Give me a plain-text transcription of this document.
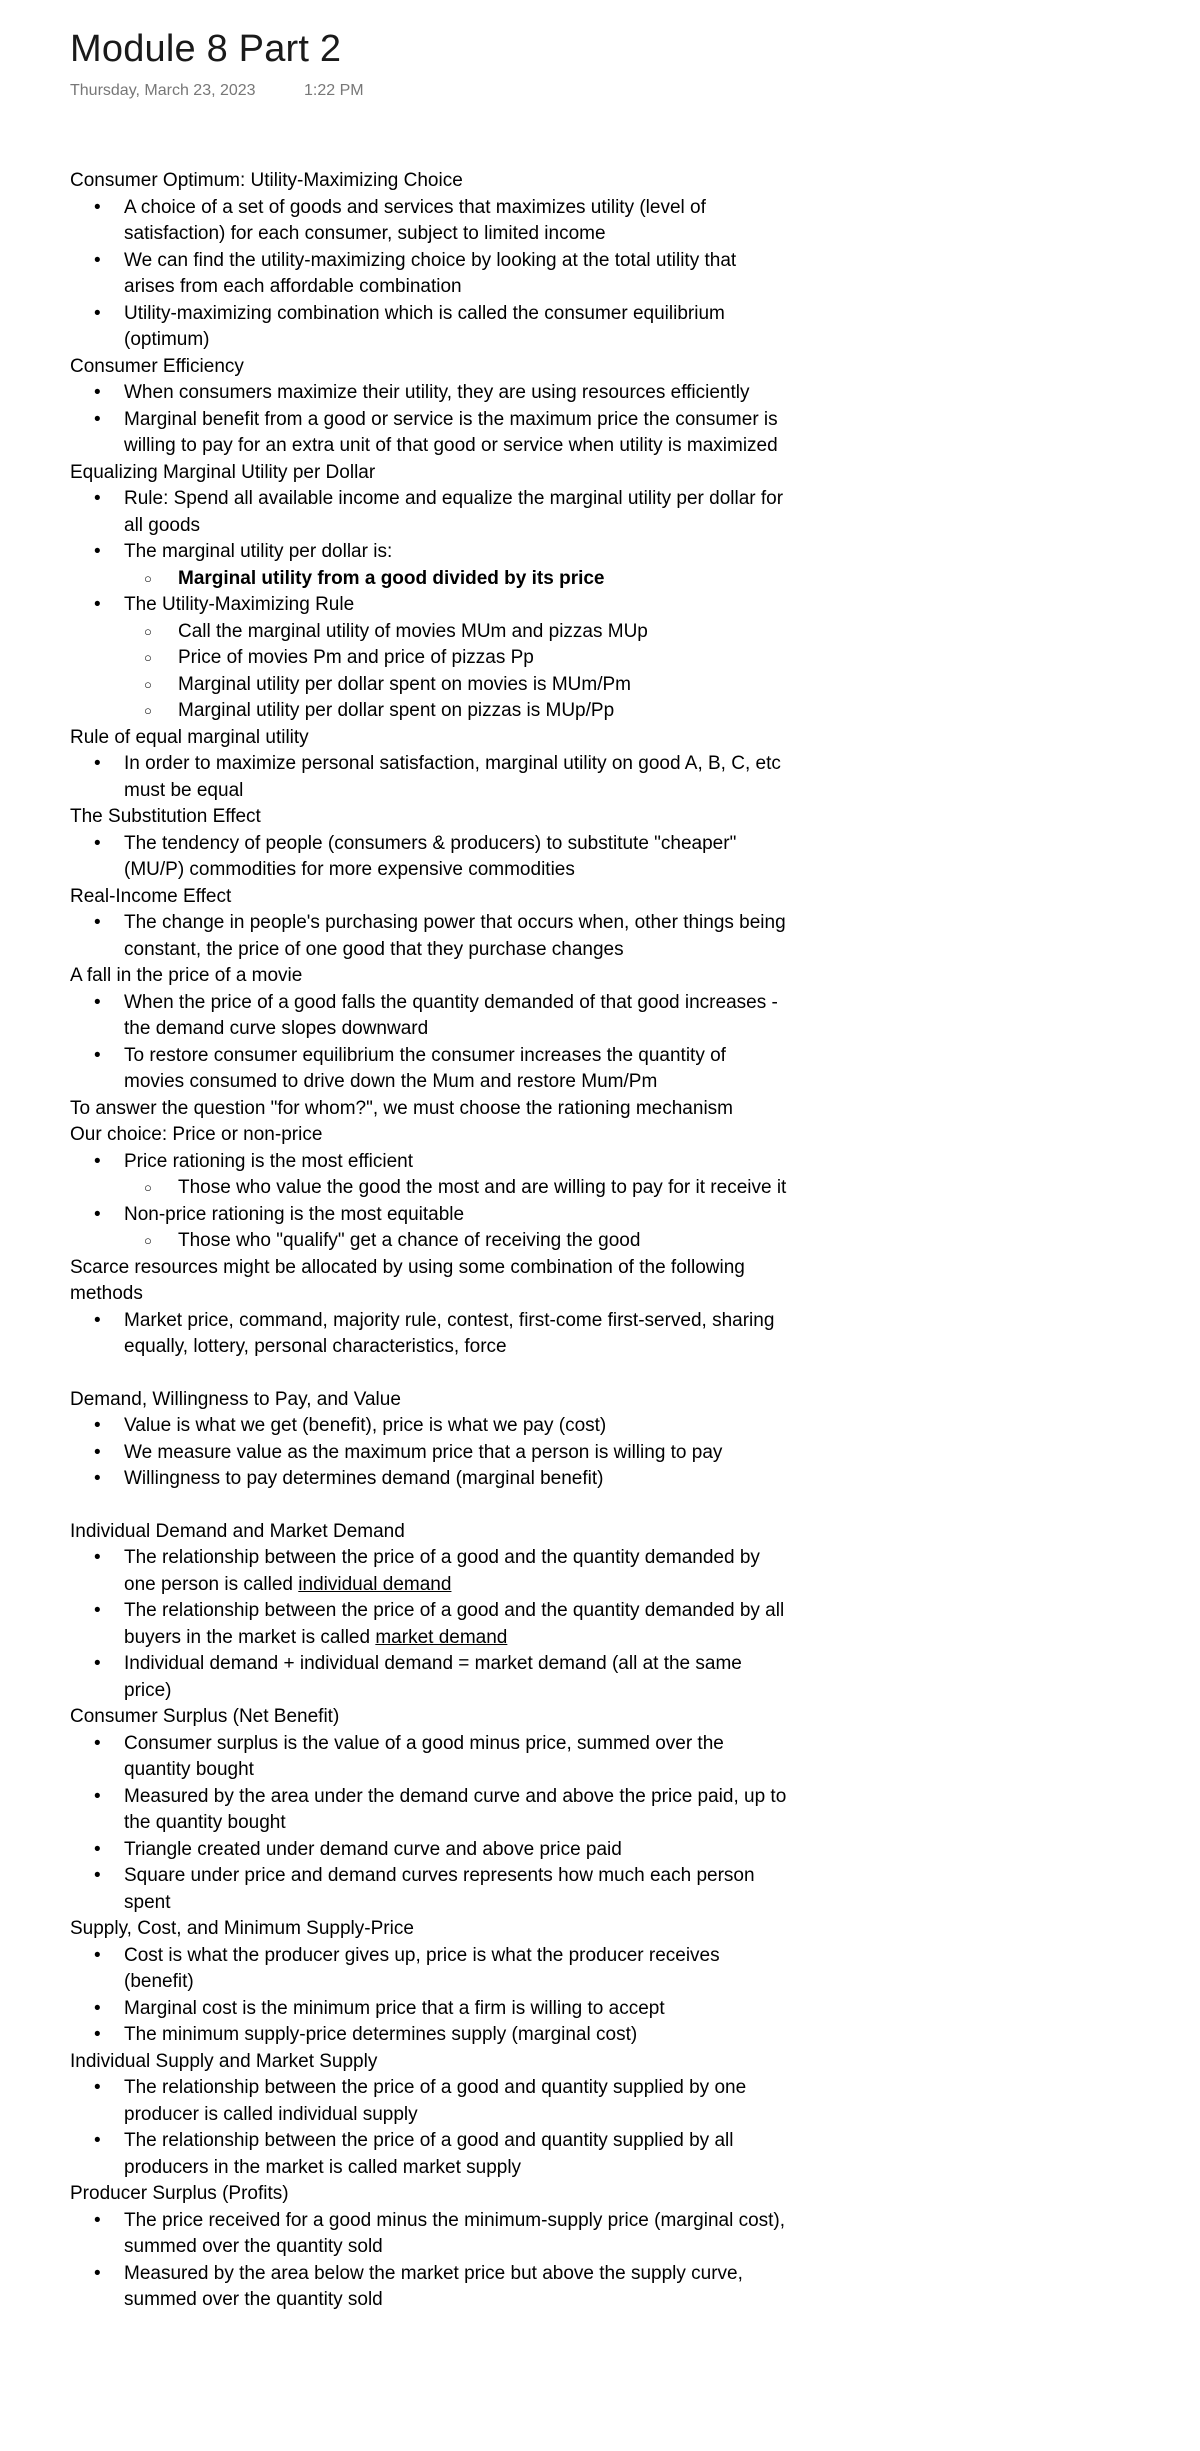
Module 8 Part 2
Thursday, March 23, 2023	1:22 PM
Consumer Optimum: Utility-Maximizing Choice
• A choice of a set of goods and services that maximizes utility (level of satisfaction) for each consumer, subject to limited income
• We can find the utility-maximizing choice by looking at the total utility that arises from each affordable combination
• Utility-maximizing combination which is called the consumer equilibrium (optimum)
Consumer Efficiency
• When consumers maximize their utility, they are using resources efficiently
• Marginal benefit from a good or service is the maximum price the consumer is willing to pay for an extra unit of that good or service when utility is maximized
Equalizing Marginal Utility per Dollar
• Rule: Spend all available income and equalize the marginal utility per dollar for all goods
• The marginal utility per dollar is:
○ Marginal utility from a good divided by its price
• The Utility-Maximizing Rule
○ Call the marginal utility of movies MUm and pizzas MUp
○ Price of movies Pm and price of pizzas Pp
○ Marginal utility per dollar spent on movies is MUm/Pm
○ Marginal utility per dollar spent on pizzas is MUp/Pp
Rule of equal marginal utility
• In order to maximize personal satisfaction, marginal utility on good A, B, C, etc must be equal
The Substitution Effect
• The tendency of people (consumers & producers) to substitute "cheaper" (MU/P) commodities for more expensive commodities
Real-Income Effect
• The change in people's purchasing power that occurs when, other things being constant, the price of one good that they purchase changes
A fall in the price of a movie
• When the price of a good falls the quantity demanded of that good increases - the demand curve slopes downward
• To restore consumer equilibrium the consumer increases the quantity of movies consumed to drive down the Mum and restore Mum/Pm
To answer the question "for whom?", we must choose the rationing mechanism
Our choice: Price or non-price
• Price rationing is the most efficient
○ Those who value the good the most and are willing to pay for it receive it
• Non-price rationing is the most equitable
○ Those who "qualify" get a chance of receiving the good
Scarce resources might be allocated by using some combination of the following methods
• Market price, command, majority rule, contest, first-come first-served, sharing equally, lottery, personal characteristics, force
Demand, Willingness to Pay, and Value
• Value is what we get (benefit), price is what we pay (cost)
• We measure value as the maximum price that a person is willing to pay
• Willingness to pay determines demand (marginal benefit)
Individual Demand and Market Demand
• The relationship between the price of a good and the quantity demanded by one person is called individual demand
• The relationship between the price of a good and the quantity demanded by all buyers in the market is called market demand
• Individual demand + individual demand = market demand (all at the same price)
Consumer Surplus (Net Benefit)
• Consumer surplus is the value of a good minus price, summed over the quantity bought
• Measured by the area under the demand curve and above the price paid, up to the quantity bought
• Triangle created under demand curve and above price paid
• Square under price and demand curves represents how much each person spent
Supply, Cost, and Minimum Supply-Price
• Cost is what the producer gives up, price is what the producer receives (benefit)
• Marginal cost is the minimum price that a firm is willing to accept
• The minimum supply-price determines supply (marginal cost)
Individual Supply and Market Supply
• The relationship between the price of a good and quantity supplied by one producer is called individual supply
• The relationship between the price of a good and quantity supplied by all producers in the market is called market supply
Producer Surplus (Profits)
• The price received for a good minus the minimum-supply price (marginal cost), summed over the quantity sold
• Measured by the area below the market price but above the supply curve, summed over the quantity sold
